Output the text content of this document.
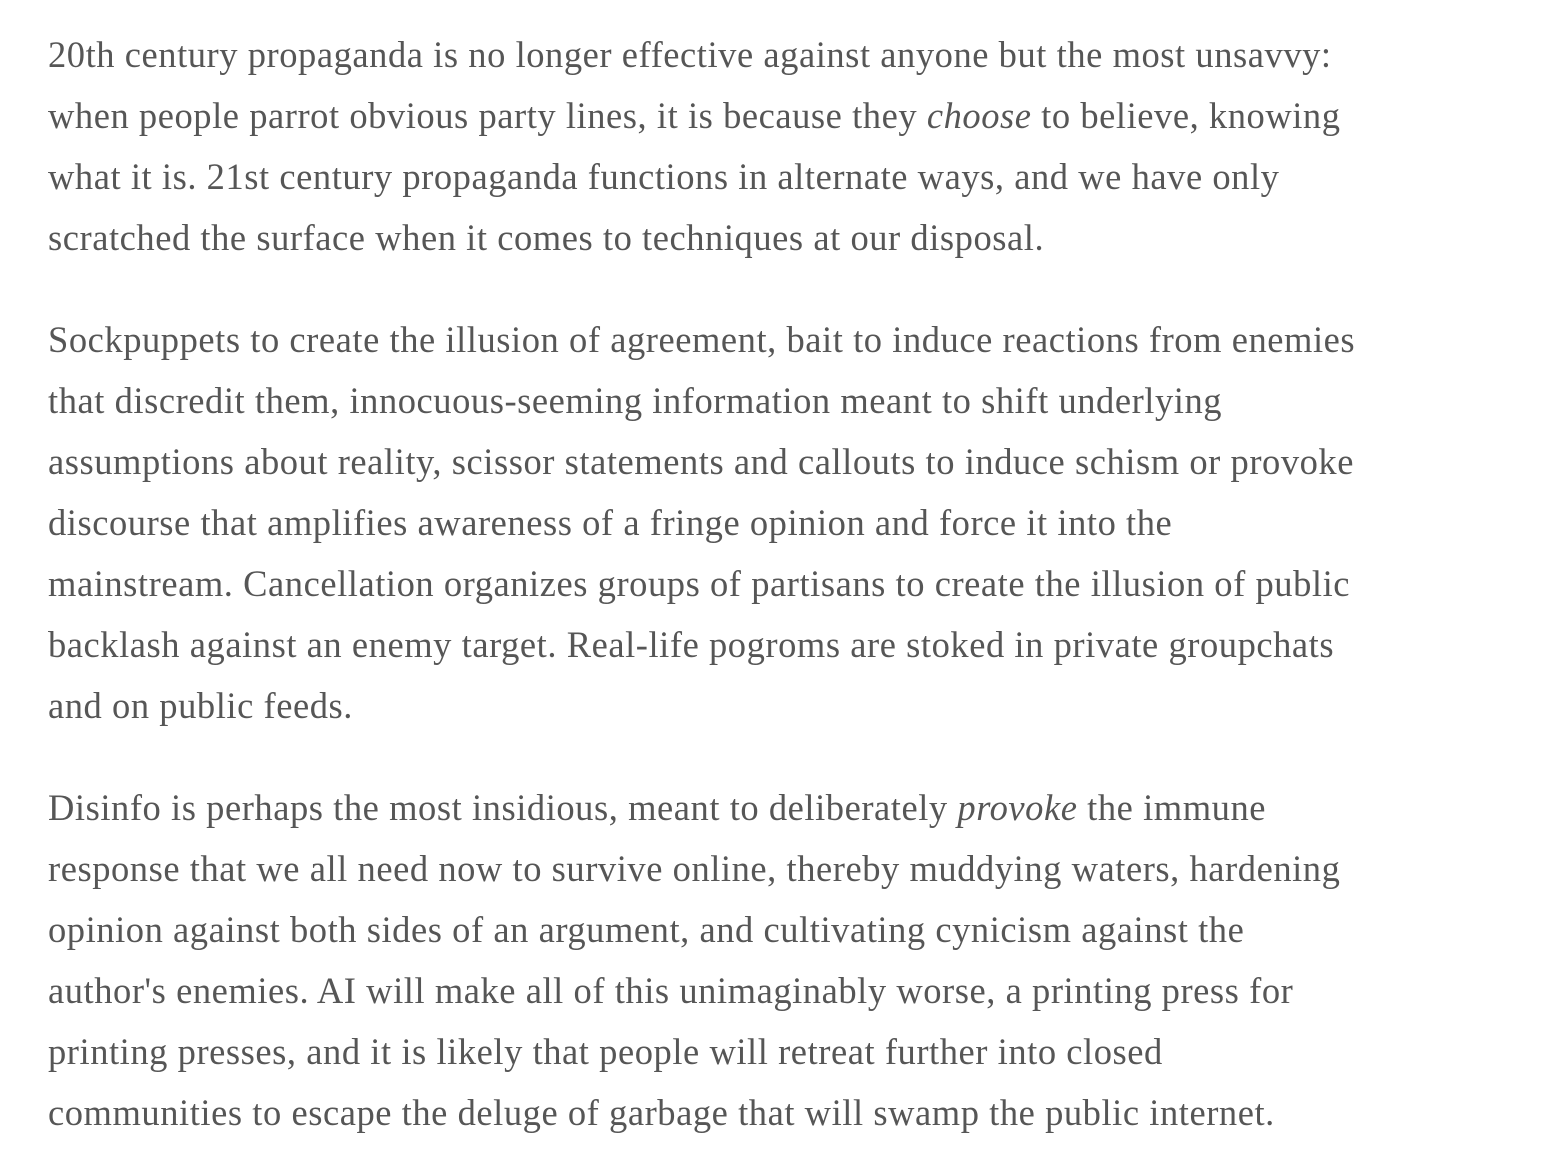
20th century propaganda is no longer effective against anyone but the most unsavvy:
when people parrot obvious party lines, it is because they choose to believe, knowing
what it is. 21st century propaganda functions in alternate ways, and we have only
scratched the surface when it comes to techniques at our disposal.

Sockpuppets to create the illusion of agreement, bait to induce reactions from enemies
that discredit them, innocuous-seeming information meant to shift underlying
assumptions about reality, scissor statements and callouts to induce schism or provoke
discourse that amplifies awareness of a fringe opinion and force it into the
mainstream. Cancellation organizes groups of partisans to create the illusion of public
backlash against an enemy target. Real-life pogroms are stoked in private groupchats
and on public feeds.

Disinfo is perhaps the most insidious, meant to deliberately provoke the immune
response that we all need now to survive online, thereby muddying waters, hardening
opinion against both sides of an argument, and cultivating cynicism against the
author's enemies. AI will make all of this unimaginably worse, a printing press for
printing presses, and it is likely that people will retreat further into closed
communities to escape the deluge of garbage that will swamp the public internet.
